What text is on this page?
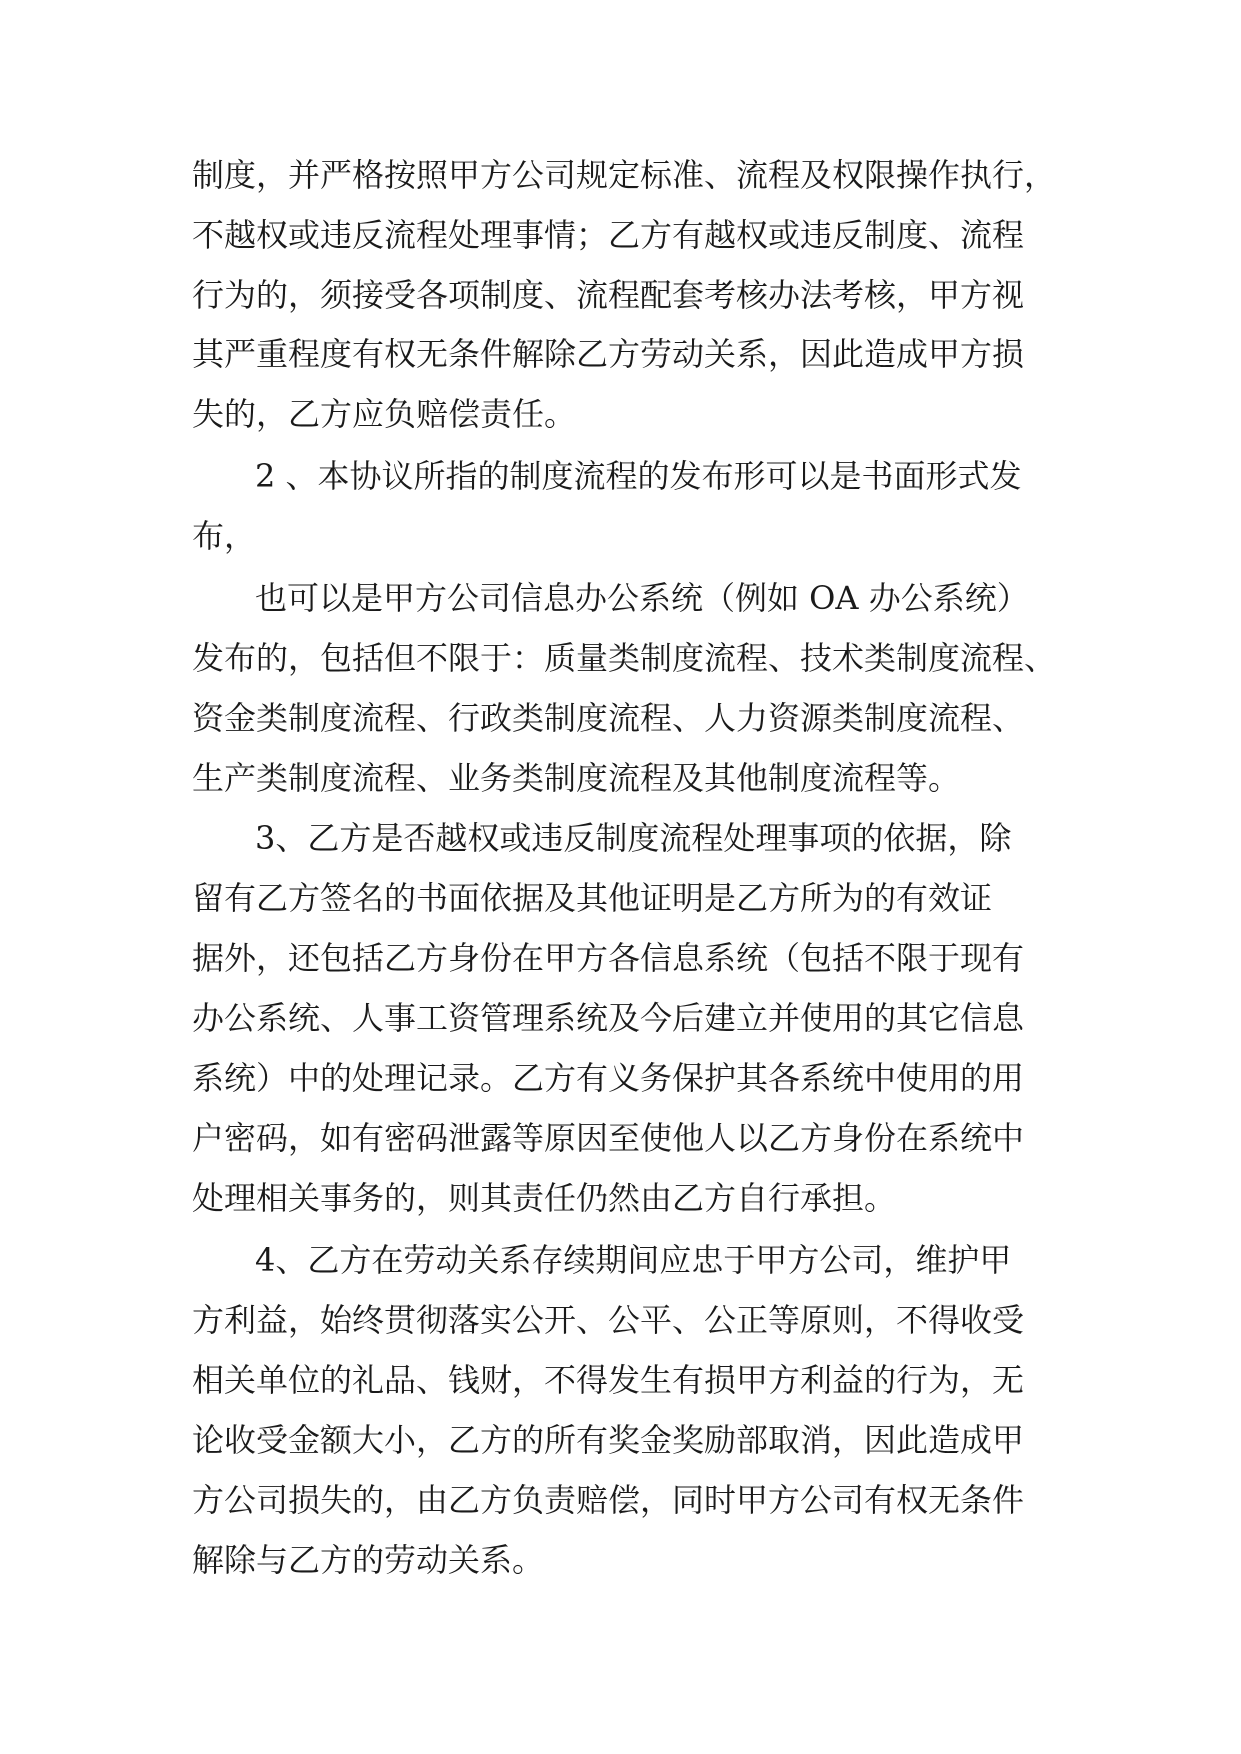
制度，并严格按照甲方公司规定标准、流程及权限操作执行，
不越权或违反流程处理事情；乙方有越权或违反制度、流程
行为的，须接受各项制度、流程配套考核办法考核，甲方视
其严重程度有权无条件解除乙方劳动关系，因此造成甲方损
失的，乙方应负赔偿责任。
2 、本协议所指的制度流程的发布形可以是书面形式发
布，
也可以是甲方公司信息办公系统（例如 OA 办公系统）
发布的，包括但不限于：质量类制度流程、技术类制度流程、
资金类制度流程、行政类制度流程、人力资源类制度流程、
生产类制度流程、业务类制度流程及其他制度流程等。
3、乙方是否越权或违反制度流程处理事项的依据，除
留有乙方签名的书面依据及其他证明是乙方所为的有效证
据外，还包括乙方身份在甲方各信息系统（包括不限于现有
办公系统、人事工资管理系统及今后建立并使用的其它信息
系统）中的处理记录。乙方有义务保护其各系统中使用的用
户密码，如有密码泄露等原因至使他人以乙方身份在系统中
处理相关事务的，则其责任仍然由乙方自行承担。
4、乙方在劳动关系存续期间应忠于甲方公司，维护甲
方利益，始终贯彻落实公开、公平、公正等原则，不得收受
相关单位的礼品、钱财，不得发生有损甲方利益的行为，无
论收受金额大小，乙方的所有奖金奖励部取消，因此造成甲
方公司损失的，由乙方负责赔偿，同时甲方公司有权无条件
解除与乙方的劳动关系。
